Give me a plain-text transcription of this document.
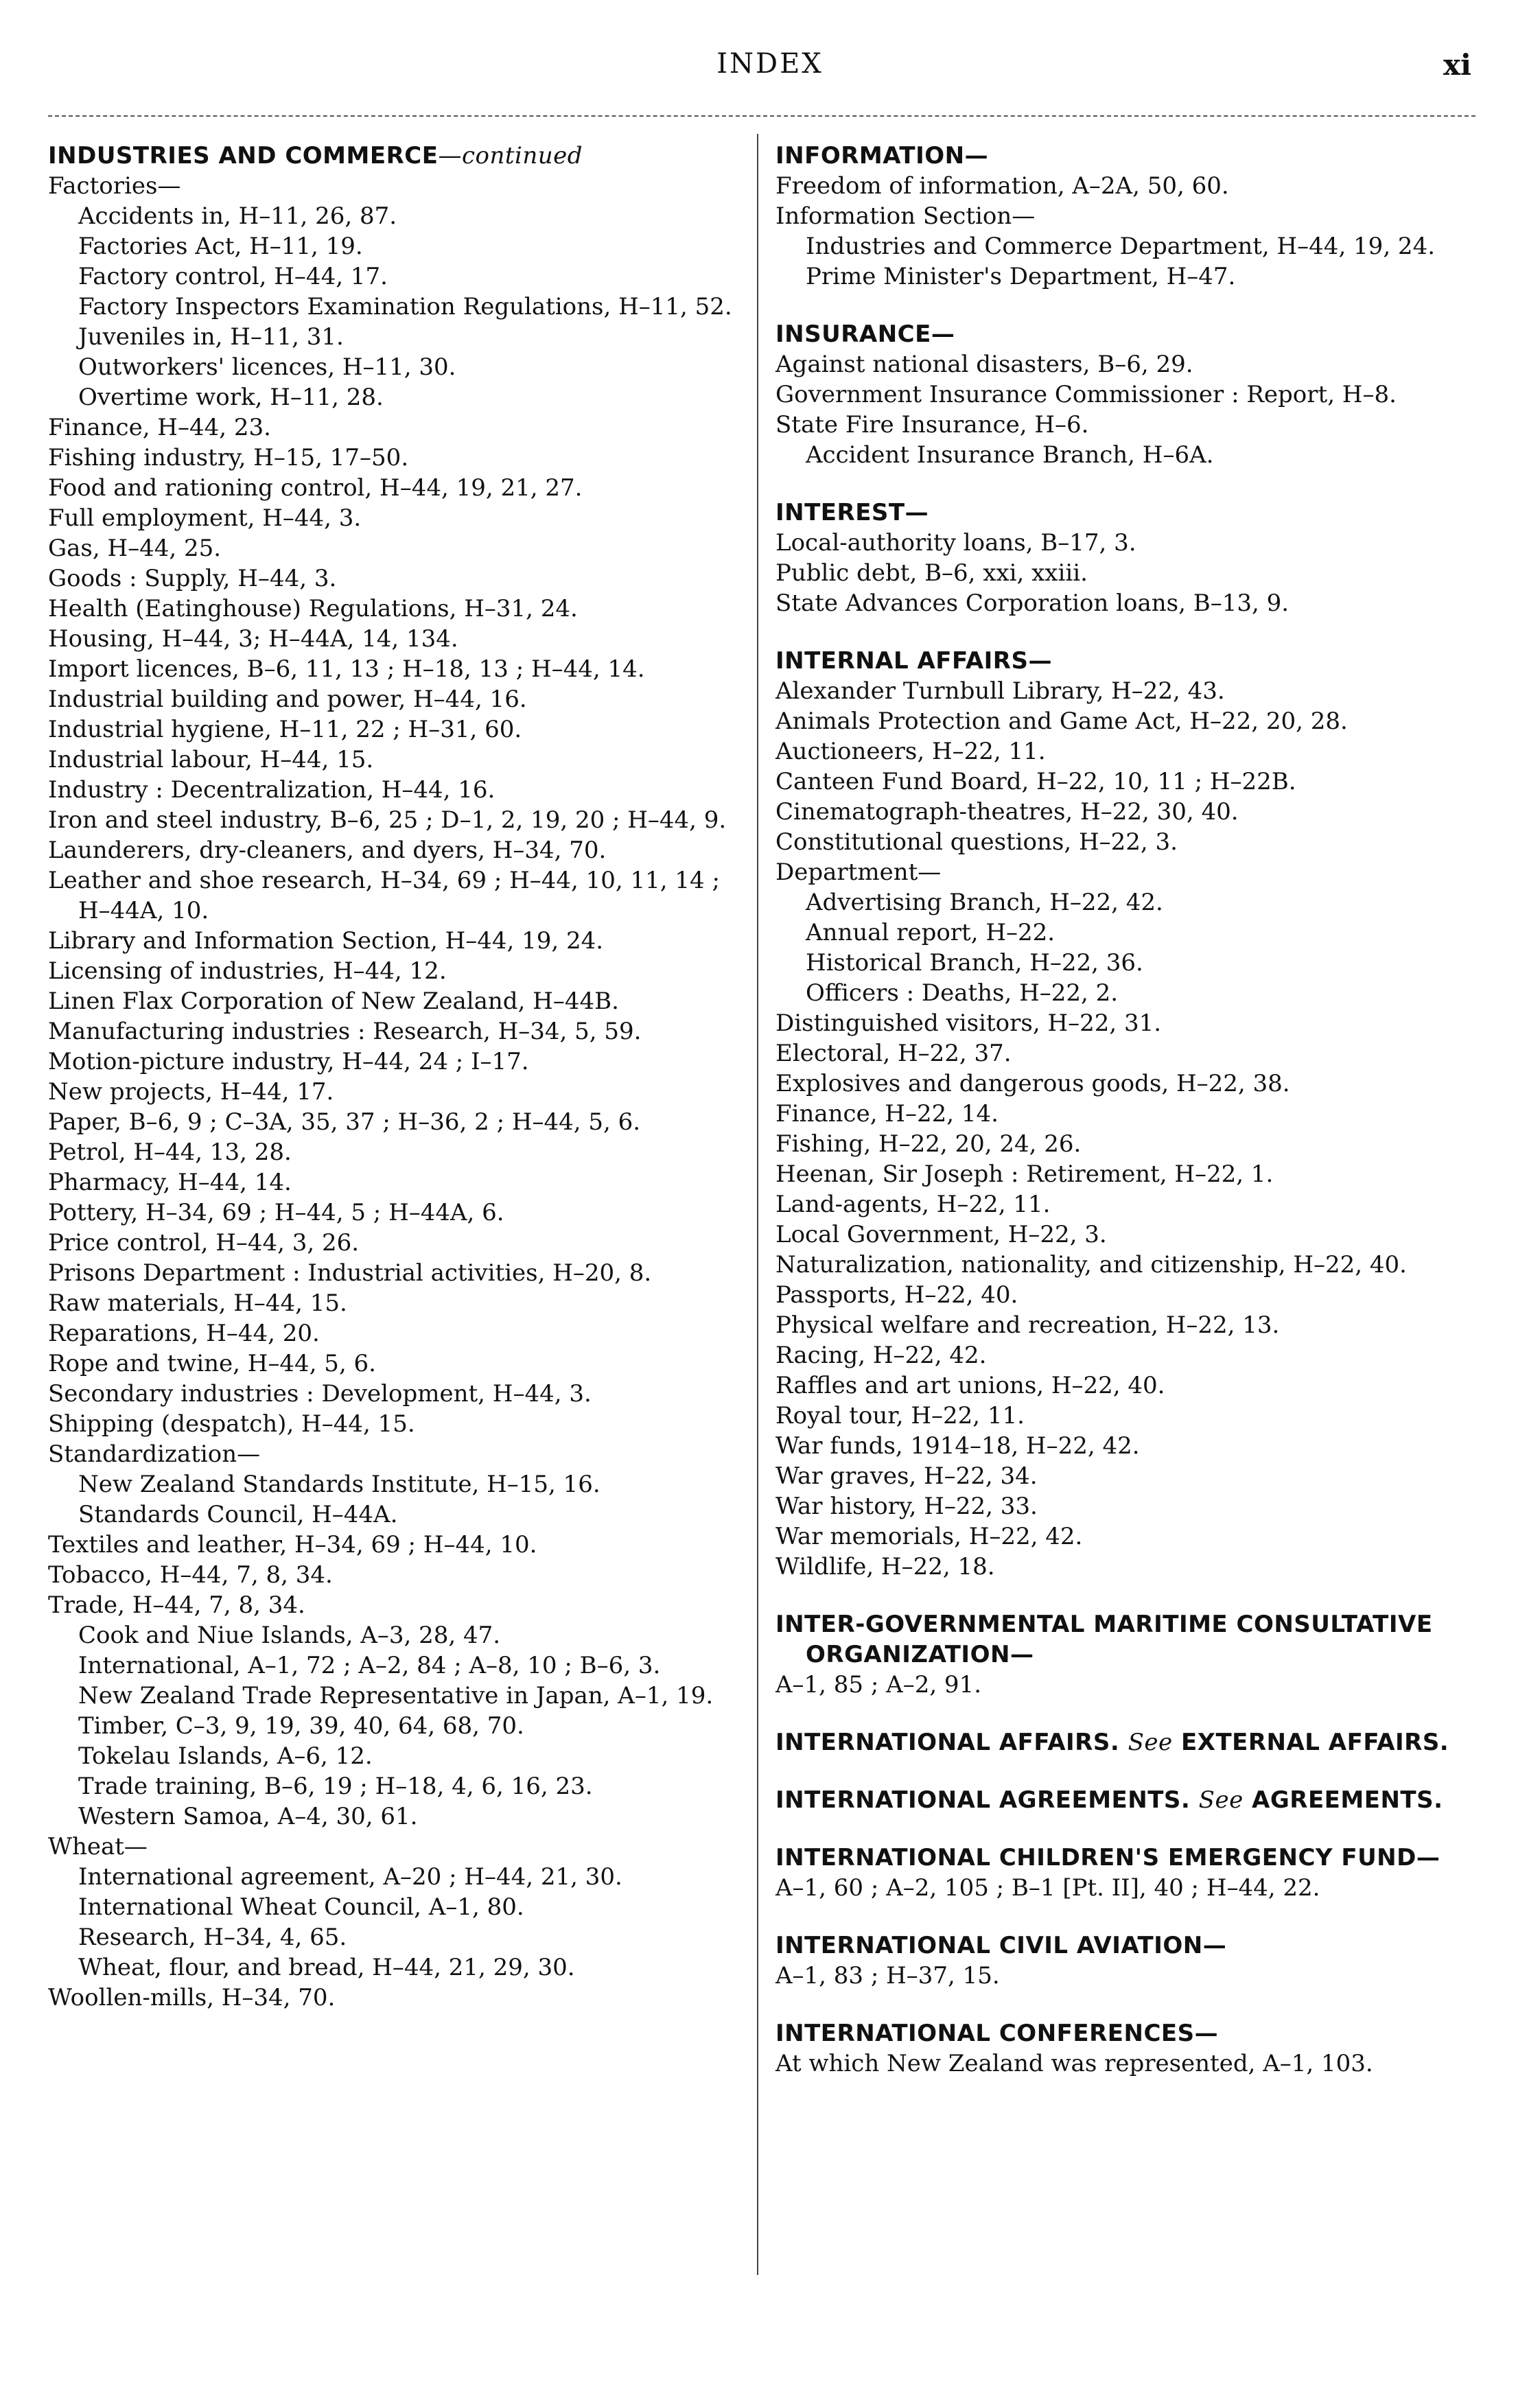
INDEX	xi
INDUSTRIES AND COMMERCE—continued
Factories—
Accidents in, H–11, 26, 87.
Factories Act, H–11, 19.
Factory control, H–44, 17.
Factory Inspectors Examination Regulations, H–11, 52.
Juveniles in, H–11, 31.
Outworkers' licences, H–11, 30.
Overtime work, H–11, 28.
Finance, H–44, 23.
Fishing industry, H–15, 17–50.
Food and rationing control, H–44, 19, 21, 27.
Full employment, H–44, 3.
Gas, H–44, 25.
Goods : Supply, H–44, 3.
Health (Eatinghouse) Regulations, H–31, 24.
Housing, H–44, 3; H–44A, 14, 134.
Import licences, B–6, 11, 13 ; H–18, 13 ; H–44, 14.
Industrial building and power, H–44, 16.
Industrial hygiene, H–11, 22 ; H–31, 60.
Industrial labour, H–44, 15.
Industry : Decentralization, H–44, 16.
Iron and steel industry, B–6, 25 ; D–1, 2, 19, 20 ; H–44, 9.
Launderers, dry-cleaners, and dyers, H–34, 70.
Leather and shoe research, H–34, 69 ; H–44, 10, 11, 14 ; H–44A, 10.
Library and Information Section, H–44, 19, 24.
Licensing of industries, H–44, 12.
Linen Flax Corporation of New Zealand, H–44B.
Manufacturing industries : Research, H–34, 5, 59.
Motion-picture industry, H–44, 24 ; I–17.
New projects, H–44, 17.
Paper, B–6, 9 ; C–3A, 35, 37 ; H–36, 2 ; H–44, 5, 6.
Petrol, H–44, 13, 28.
Pharmacy, H–44, 14.
Pottery, H–34, 69 ; H–44, 5 ; H–44A, 6.
Price control, H–44, 3, 26.
Prisons Department : Industrial activities, H–20, 8.
Raw materials, H–44, 15.
Reparations, H–44, 20.
Rope and twine, H–44, 5, 6.
Secondary industries : Development, H–44, 3.
Shipping (despatch), H–44, 15.
Standardization—
New Zealand Standards Institute, H–15, 16.
Standards Council, H–44A.
Textiles and leather, H–34, 69 ; H–44, 10.
Tobacco, H–44, 7, 8, 34.
Trade, H–44, 7, 8, 34.
Cook and Niue Islands, A–3, 28, 47.
International, A–1, 72 ; A–2, 84 ; A–8, 10 ; B–6, 3.
New Zealand Trade Representative in Japan, A–1, 19.
Timber, C–3, 9, 19, 39, 40, 64, 68, 70.
Tokelau Islands, A–6, 12.
Trade training, B–6, 19 ; H–18, 4, 6, 16, 23.
Western Samoa, A–4, 30, 61.
Wheat—
International agreement, A–20 ; H–44, 21, 30.
International Wheat Council, A–1, 80.
Research, H–34, 4, 65.
Wheat, flour, and bread, H–44, 21, 29, 30.
Woollen-mills, H–34, 70.
INFORMATION—
Freedom of information, A–2A, 50, 60.
Information Section—
Industries and Commerce Department, H–44, 19, 24.
Prime Minister's Department, H–47.
INSURANCE—
Against national disasters, B–6, 29.
Government Insurance Commissioner : Report, H–8.
State Fire Insurance, H–6.
Accident Insurance Branch, H–6A.
INTEREST—
Local-authority loans, B–17, 3.
Public debt, B–6, xxi, xxiii.
State Advances Corporation loans, B–13, 9.
INTERNAL AFFAIRS—
Alexander Turnbull Library, H–22, 43.
Animals Protection and Game Act, H–22, 20, 28.
Auctioneers, H–22, 11.
Canteen Fund Board, H–22, 10, 11 ; H–22B.
Cinematograph-theatres, H–22, 30, 40.
Constitutional questions, H–22, 3.
Department—
Advertising Branch, H–22, 42.
Annual report, H–22.
Historical Branch, H–22, 36.
Officers : Deaths, H–22, 2.
Distinguished visitors, H–22, 31.
Electoral, H–22, 37.
Explosives and dangerous goods, H–22, 38.
Finance, H–22, 14.
Fishing, H–22, 20, 24, 26.
Heenan, Sir Joseph : Retirement, H–22, 1.
Land-agents, H–22, 11.
Local Government, H–22, 3.
Naturalization, nationality, and citizenship, H–22, 40.
Passports, H–22, 40.
Physical welfare and recreation, H–22, 13.
Racing, H–22, 42.
Raffles and art unions, H–22, 40.
Royal tour, H–22, 11.
War funds, 1914–18, H–22, 42.
War graves, H–22, 34.
War history, H–22, 33.
War memorials, H–22, 42.
Wildlife, H–22, 18.
INTER-GOVERNMENTAL MARITIME CONSULTATIVE ORGANIZATION—
A–1, 85 ; A–2, 91.
INTERNATIONAL AFFAIRS. See EXTERNAL AFFAIRS.
INTERNATIONAL AGREEMENTS. See AGREEMENTS.
INTERNATIONAL CHILDREN'S EMERGENCY FUND—
A–1, 60 ; A–2, 105 ; B–1 [Pt. II], 40 ; H–44, 22.
INTERNATIONAL CIVIL AVIATION—
A–1, 83 ; H–37, 15.
INTERNATIONAL CONFERENCES—
At which New Zealand was represented, A–1, 103.
